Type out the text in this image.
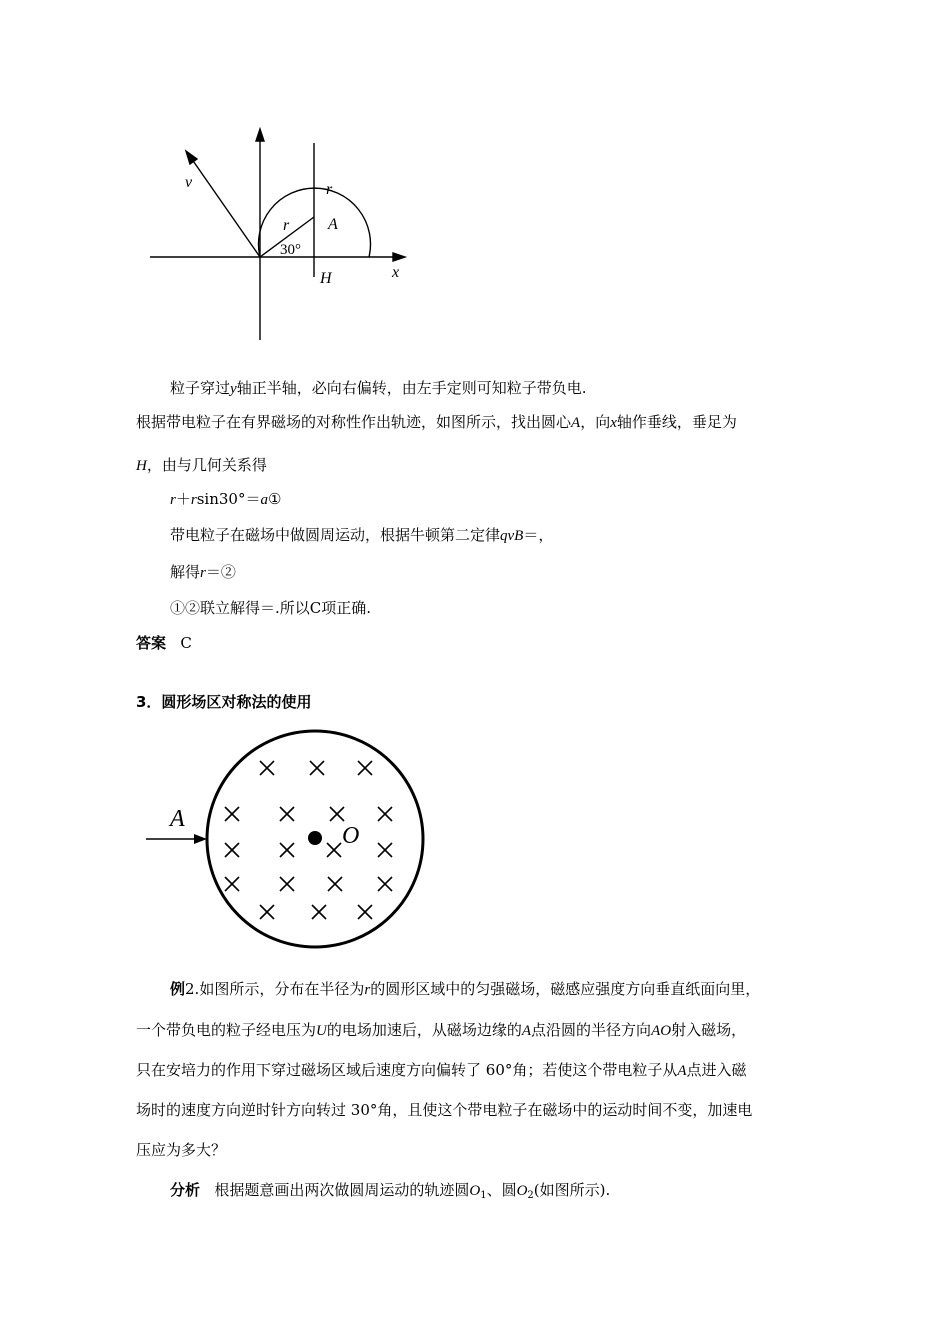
v	r
r A
30°
H	x
粒子穿过y轴正半轴，必向右偏转，由左手定则可知粒子带负电.
根据带电粒子在有界磁场的对称性作出轨迹，如图所示，找出圆心A，向x轴作垂线，垂足为
H，由与几何关系得
r＋rsin30°＝a①
带电粒子在磁场中做圆周运动，根据牛顿第二定律qvB＝，
解得r＝②
①②联立解得＝.所以C项正确.
答案 C
3．圆形场区对称法的使用
A
O
例2.如图所示，分布在半径为r的圆形区域中的匀强磁场，磁感应强度方向垂直纸面向里，
一个带负电的粒子经电压为U的电场加速后，从磁场边缘的A点沿圆的半径方向AO射入磁场，
只在安培力的作用下穿过磁场区域后速度方向偏转了 60°角；若使这个带电粒子从A点进入磁
场时的速度方向逆时针方向转过 30°角，且使这个带电粒子在磁场中的运动时间不变，加速电
压应为多大？
分析 根据题意画出两次做圆周运动的轨迹圆$O_1$、圆$O_2$(如图所示).
